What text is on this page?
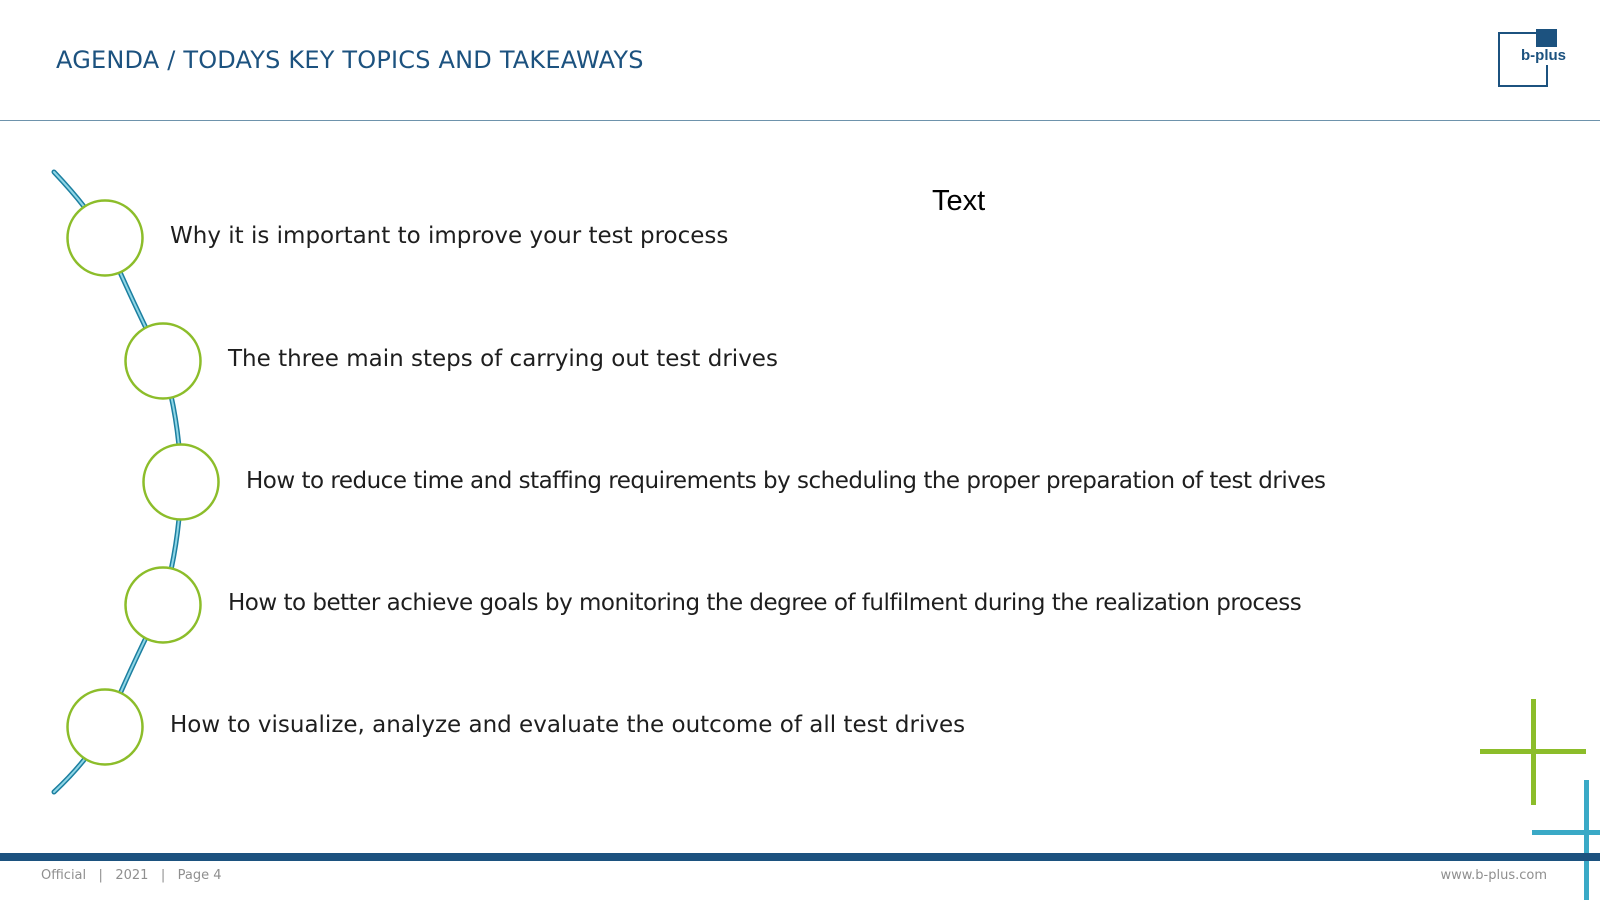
AGENDA / TODAYS KEY TOPICS AND TAKEAWAYS	b-plus
Why it is important to improve your test process
The three main steps of carrying out test drives
How to reduce time and staffing requirements by scheduling the proper preparation of test drives
How to better achieve goals by monitoring the degree of fulfilment during the realization process
How to visualize, analyze and evaluate the outcome of all test drives
Text
Official   |   2021   |   Page 4	www.b-plus.com
